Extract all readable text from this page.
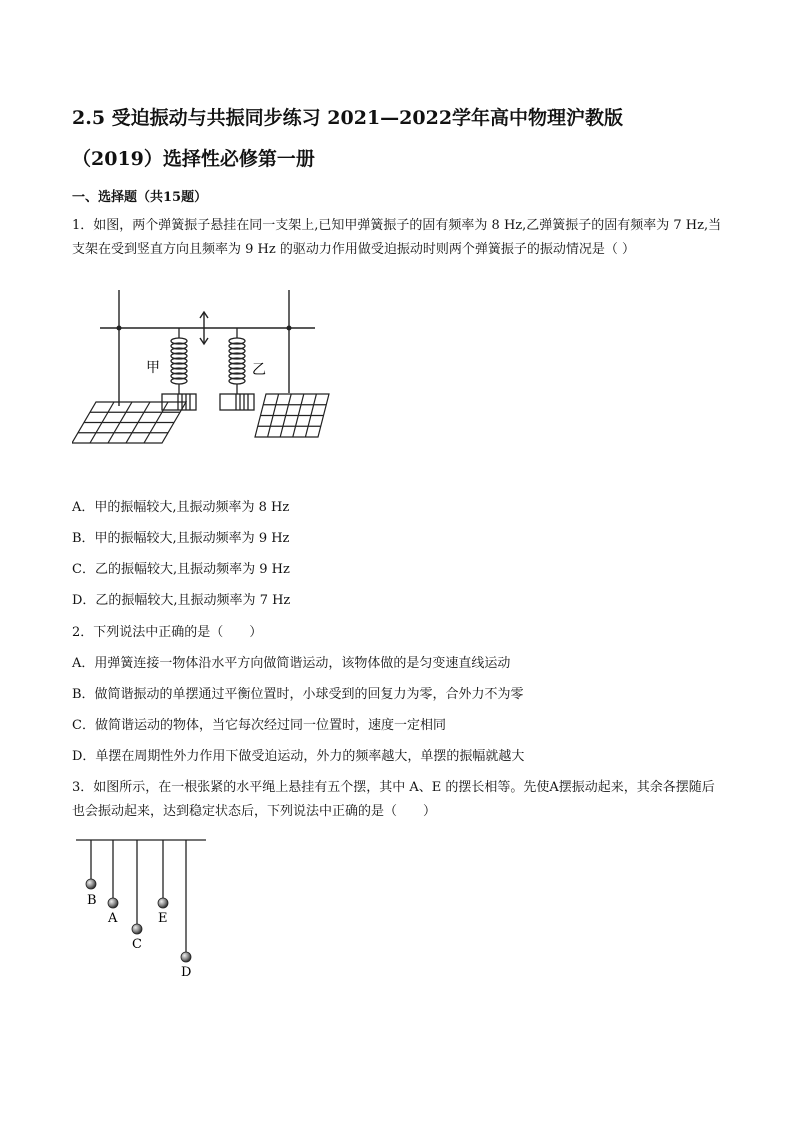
2.5 受迫振动与共振同步练习 2021—2022学年高中物理沪教版
（2019）选择性必修第一册

一、选择题（共15题）

1．如图，两个弹簧振子悬挂在同一支架上,已知甲弹簧振子的固有频率为 8 Hz,乙弹簧振子的固有频率为 7 Hz,当支架在受到竖直方向且频率为 9 Hz 的驱动力作用做受迫振动时则两个弹簧振子的振动情况是（ ）

甲	乙

A．甲的振幅较大,且振动频率为 8 Hz

B．甲的振幅较大,且振动频率为 9 Hz

C．乙的振幅较大,且振动频率为 9 Hz

D．乙的振幅较大,且振动频率为 7 Hz

2．下列说法中正确的是（　　）

A．用弹簧连接一物体沿水平方向做简谐运动，该物体做的是匀变速直线运动

B．做简谐振动的单摆通过平衡位置时，小球受到的回复力为零，合外力不为零

C．做简谐运动的物体，当它每次经过同一位置时，速度一定相同

D．单摆在周期性外力作用下做受迫运动，外力的频率越大，单摆的振幅就越大

3．如图所示，在一根张紧的水平绳上悬挂有五个摆，其中 A、E 的摆长相等。先使A摆振动起来，其余各摆随后也会振动起来，达到稳定状态后，下列说法中正确的是（　　）

B
A
C
E
D
